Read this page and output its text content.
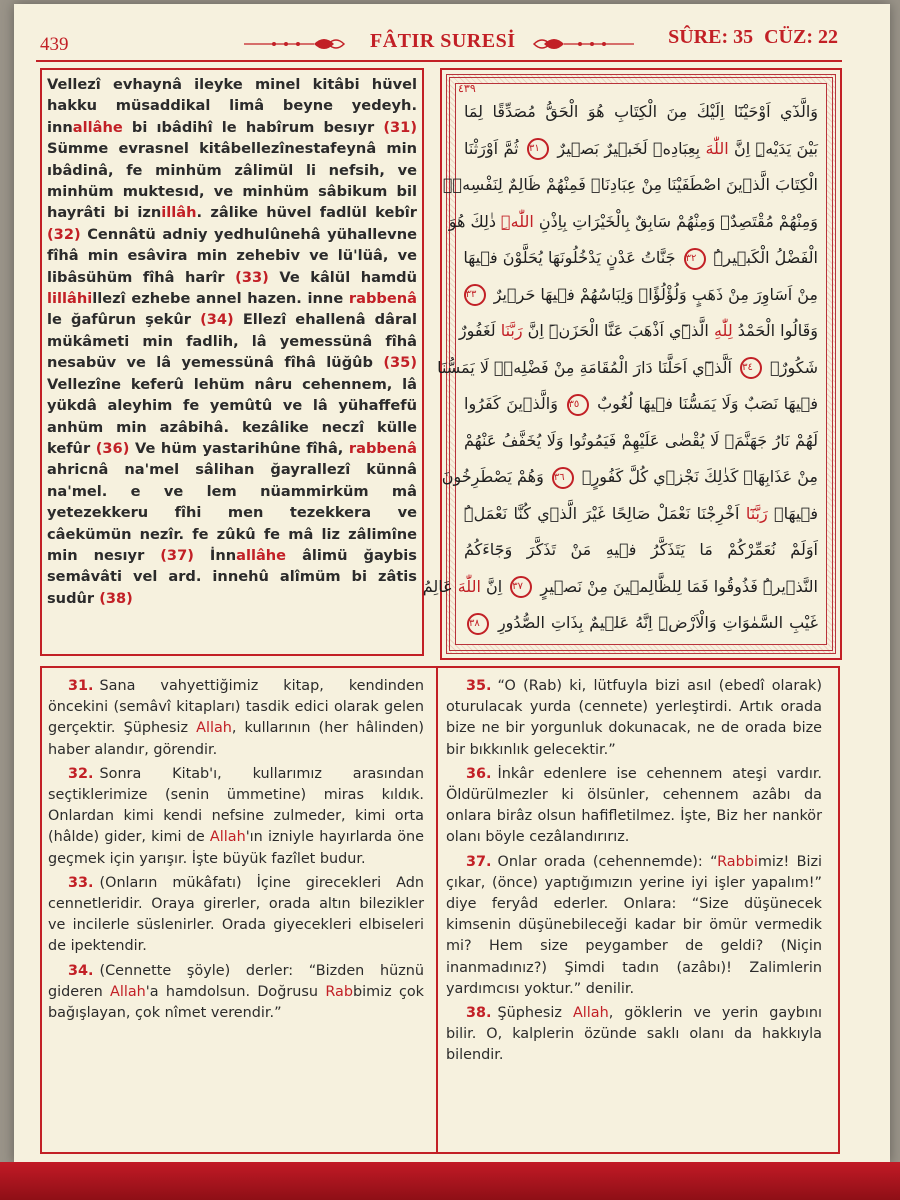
439	FÂTIR SURESİ	SÛRE: 35 CÜZ: 22
Vellezî evhaynâ ileyke minel kitâbi hüvel hakku müsaddikal limâ beyne yedeyh. innallâhe bi ıbâdihî le habîrum besıyr (31) Sümme evrasnel kitâbellezînestafeynâ min ıbâdinâ, fe minhüm zâlimül li nefsih, ve minhüm muktesıd, ve minhüm sâbikum bil hayrâti bi iznillâh. zâlike hüvel fadlül kebîr (32) Cennâtü adniy yedhulûnehâ yühallevne fîhâ min esâvira min zehebiv ve lü'lüâ, ve libâsühüm fîhâ harîr (33) Ve kâlül hamdü lillâhillezî ezhebe annel hazen. inne rabbenâ le ğafûrun şekûr (34) Ellezî ehallenâ dâral mükâmeti min fadlih, lâ yemessünâ fîhâ nesabüv ve lâ yemessünâ fîhâ lüğûb (35) Vellezîne keferû lehüm nâru cehennem, lâ yükdâ aleyhim fe yemûtû ve lâ yühaffefü anhüm min azâbihâ. kezâlike neczî külle kefûr (36) Ve hüm yastarihûne fîhâ, rabbenâ ahricnâ na'mel sâlihan ğayrallezî künnâ na'mel. e ve lem nüammirküm mâ yetezekkeru fîhi men tezekkera ve câekümün nezîr. fe zûkû fe mâ liz zâlimîne min nesıyr (37) İnnallâhe âlimü ğaybis semâvâti vel ard. innehû alîmüm bi zâtis sudûr (38)
٤٣٩
وَالَّذٓي اَوْحَيْنَٓا اِلَيْكَ مِنَ الْكِتَابِ هُوَ الْحَقُّ مُصَدِّقًا لِمَا
بَيْنَ يَدَيْهِۜ اِنَّ اللّٰهَ بِعِبَادِه۪ لَخَب۪يرٌ بَص۪يرٌ ٣١ ثُمَّ اَوْرَثْنَا
الْكِتَابَ الَّذ۪ينَ اصْطَفَيْنَا مِنْ عِبَادِنَاۚ فَمِنْهُمْ ظَالِمٌ لِنَفْسِه۪ۚ
وَمِنْهُمْ مُقْتَصِدٌۚ وَمِنْهُمْ سَابِقٌ بِالْخَيْرَاتِ بِاِذْنِ اللّٰهِۜ ذٰلِكَ هُوَ
الْفَضْلُ الْكَب۪يرُۜ ٣٢ جَنَّاتُ عَدْنٍ يَدْخُلُونَهَا يُحَلَّوْنَ ف۪يهَا
مِنْ اَسَاوِرَ مِنْ ذَهَبٍ وَلُؤْلُؤًاۚ وَلِبَاسُهُمْ ف۪يهَا حَر۪يرٌ ٣٣
وَقَالُوا الْحَمْدُ لِلّٰهِ الَّذ۪ٓي اَذْهَبَ عَنَّا الْحَزَنَۜ اِنَّ رَبَّنَا لَغَفُورٌ
شَكُورٌۙ ٣٤ اَلَّذ۪ٓي اَحَلَّنَا دَارَ الْمُقَامَةِ مِنْ فَضْلِه۪ۚ لَا يَمَسُّنَا
ف۪يهَا نَصَبٌ وَلَا يَمَسُّنَا ف۪يهَا لُغُوبٌ ٣٥ وَالَّذ۪ينَ كَفَرُوا
لَهُمْ نَارُ جَهَنَّمَۚ لَا يُقْضٰى عَلَيْهِمْ فَيَمُوتُوا وَلَا يُخَفَّفُ عَنْهُمْ
مِنْ عَذَابِهَاۜ كَذٰلِكَ نَجْز۪ي كُلَّ كَفُورٍۚ ٣٦ وَهُمْ يَصْطَرِخُونَ
ف۪يهَاۚ رَبَّنَٓا اَخْرِجْنَا نَعْمَلْ صَالِحًا غَيْرَ الَّذ۪ي كُنَّا نَعْمَلُۜ
اَوَلَمْ نُعَمِّرْكُمْ مَا يَتَذَكَّرُ ف۪يهِ مَنْ تَذَكَّرَ وَجَٓاءَكُمُ
النَّذ۪يرُۜ فَذُوقُوا فَمَا لِلظَّالِم۪ينَ مِنْ نَص۪يرٍ ٣٧ اِنَّ اللّٰهَ عَالِمُ
غَيْبِ السَّمٰوَاتِ وَالْاَرْضِۜ اِنَّهُ عَل۪يمٌ بِذَاتِ الصُّدُورِ ٣٨

31. Sana vahyettiğimiz kitap, kendinden öncekini (semâvî kitapları) tasdik edici olarak gelen gerçektir. Şüphesiz Allah, kullarının (her hâlinden) haber alandır, görendir.

32. Sonra Kitab'ı, kullarımız arasından seçtiklerimize (senin ümmetine) miras kıldık. Onlardan kimi kendi nefsine zulmeder, kimi orta (hâlde) gider, kimi de Allah'ın izniyle hayırlarda öne geçmek için yarışır. İşte büyük fazîlet budur.

33. (Onların mükâfatı) İçine girecekleri Adn cennetleridir. Oraya girerler, orada altın bilezikler ve incilerle süslenirler. Orada giyecekleri elbiseleri de ipektendir.

34. (Cennette şöyle) derler: “Bizden hüznü gideren Allah'a hamdolsun. Doğrusu Rabbimiz çok bağışlayan, çok nîmet verendir.”

35. “O (Rab) ki, lütfuyla bizi asıl (ebedî olarak) oturulacak yurda (cennete) yerleştirdi. Artık orada bize ne bir yorgunluk dokunacak, ne de orada bize bir bıkkınlık gelecektir.”

36. İnkâr edenlere ise cehennem ateşi vardır. Öldürülmezler ki ölsünler, cehennem azâbı da onlara birâz olsun hafifletilmez. İşte, Biz her nankör olanı böyle cezâlandırırız.

37. Onlar orada (cehennemde): “Rabbimiz! Bizi çıkar, (önce) yaptığımızın yerine iyi işler yapalım!” diye feryâd ederler. Onlara: “Size düşünecek kimsenin düşünebileceği kadar bir ömür vermedik mi? Hem size peygamber de geldi? (Niçin inanmadınız?) Şimdi tadın (azâbı)! Zalimlerin yardımcısı yoktur.” denilir.

38. Şüphesiz Allah, göklerin ve yerin gaybını bilir. O, kalplerin özünde saklı olanı da hakkıyla bilendir.
